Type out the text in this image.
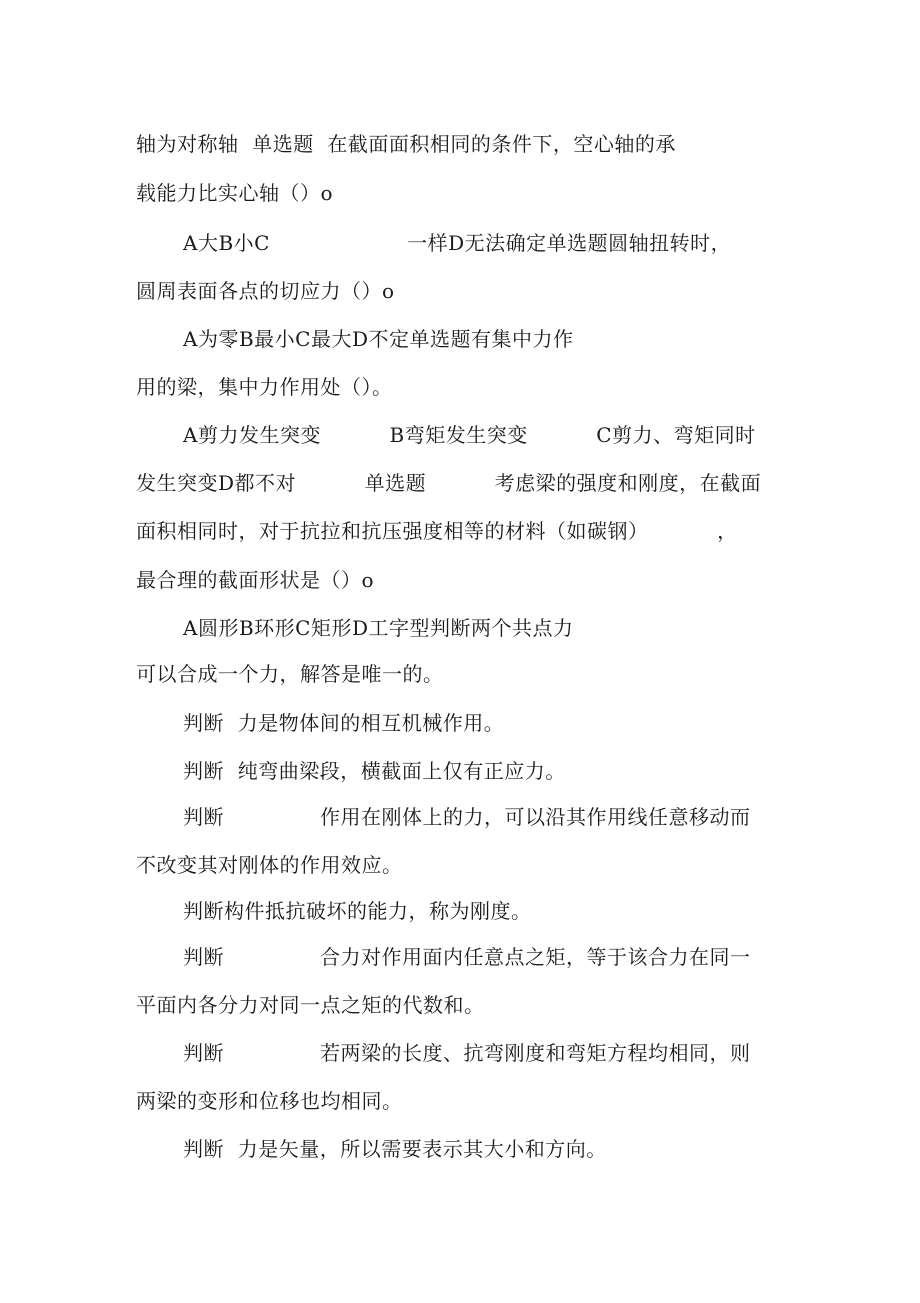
轴为对称轴  单选题  在截面面积相同的条件下，空心轴的承
载能力比实心轴（）o
A大B小C                    一样D无法确定单选题圆轴扭转时，
圆周表面各点的切应力（）o
A为零B最小C最大D不定单选题有集中力作
用的梁，集中力作用处（）。
A剪力发生突变          B弯矩发生突变          C剪力、弯矩同时
发生突变D都不对          单选题          考虑梁的强度和刚度，在截面
面积相同时，对于抗拉和抗压强度相等的材料（如碳钢）          ，
最合理的截面形状是（）o
A圆形B环形C矩形D工字型判断两个共点力
可以合成一个力，解答是唯一的。
判断  力是物体间的相互机械作用。
判断  纯弯曲梁段，横截面上仅有正应力。
判断              作用在刚体上的力，可以沿其作用线任意移动而
不改变其对刚体的作用效应。
判断构件抵抗破坏的能力，称为刚度。
判断              合力对作用面内任意点之矩，等于该合力在同一
平面内各分力对同一点之矩的代数和。
判断              若两梁的长度、抗弯刚度和弯矩方程均相同，则
两梁的变形和位移也均相同。
判断  力是矢量，所以需要表示其大小和方向。
